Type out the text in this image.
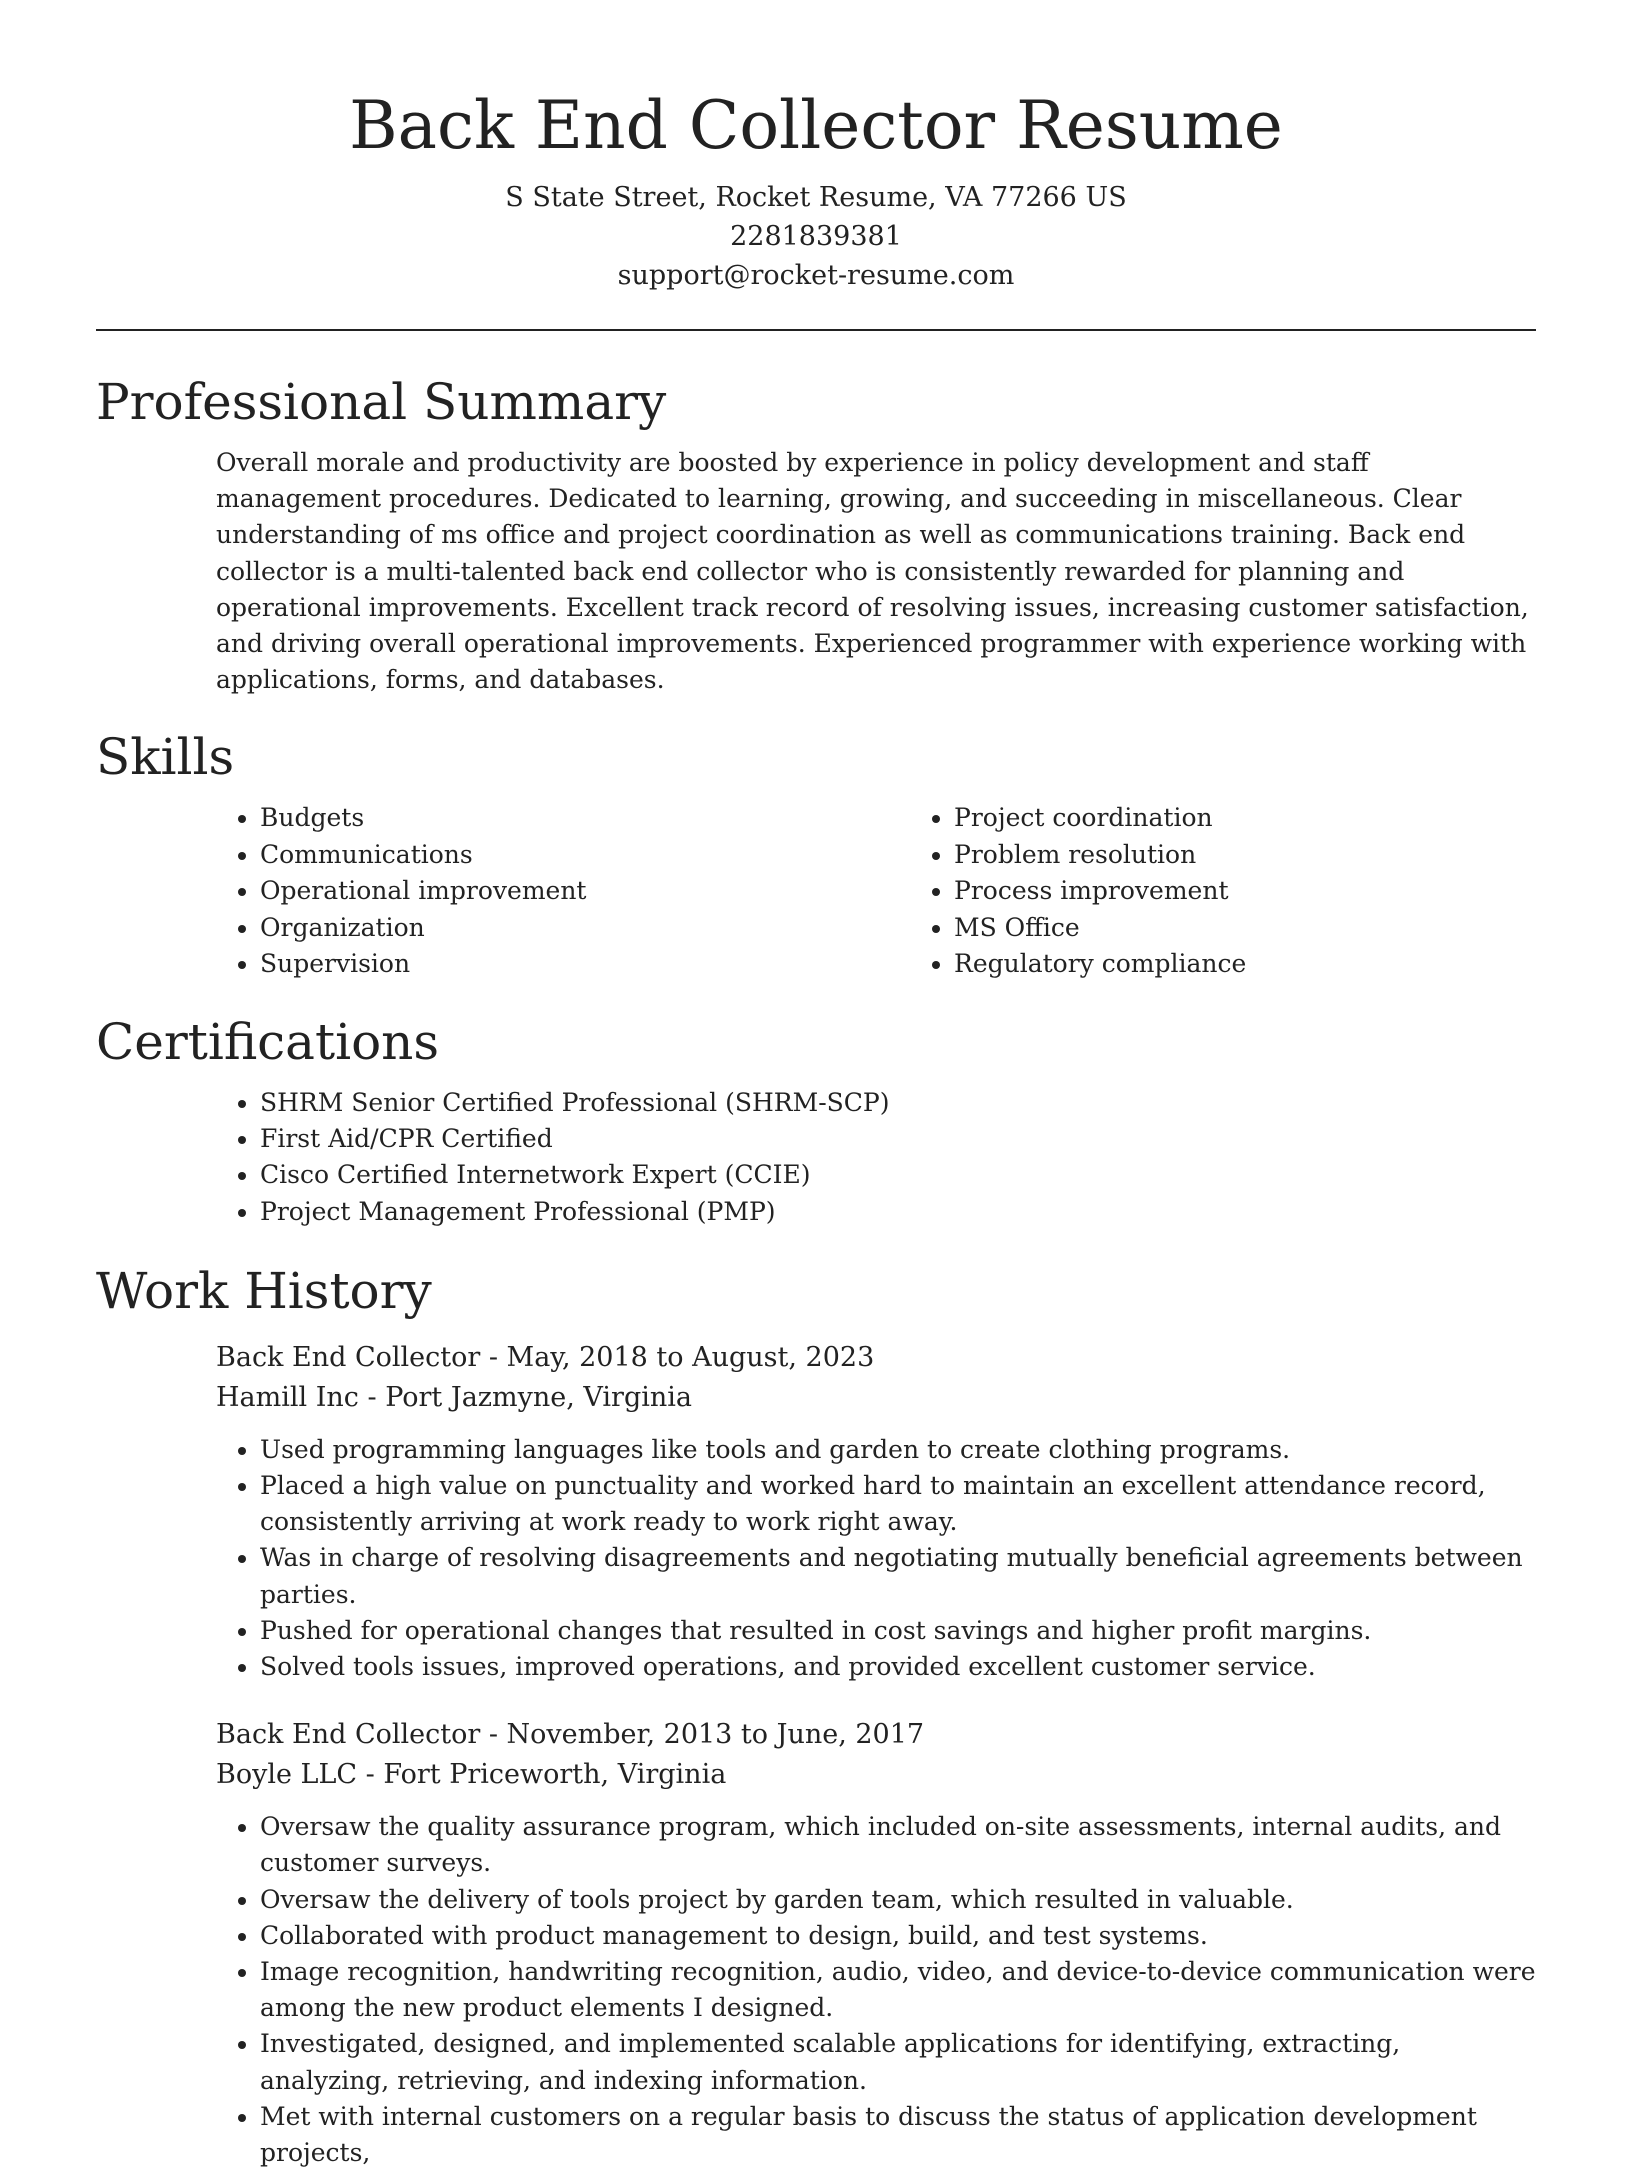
Back End Collector Resume

S State Street, Rocket Resume, VA 77266 US

2281839381

support@rocket-resume.com

Professional Summary

Overall morale and productivity are boosted by experience in policy development and staff management procedures. Dedicated to learning, growing, and succeeding in miscellaneous. Clear understanding of ms office and project coordination as well as communications training. Back end collector is a multi-talented back end collector who is consistently rewarded for planning and operational improvements. Excellent track record of resolving issues, increasing customer satisfaction, and driving overall operational improvements. Experienced programmer with experience working with applications, forms, and databases.

Skills
• Budgets
• Communications
• Operational improvement
• Organization
• Supervision
• Project coordination
• Problem resolution
• Process improvement
• MS Office
• Regulatory compliance
Certifications
• SHRM Senior Certified Professional (SHRM-SCP)
• First Aid/CPR Certified
• Cisco Certified Internetwork Expert (CCIE)
• Project Management Professional (PMP)
Work History

Back End Collector - May, 2018 to August, 2023

Hamill Inc - Port Jazmyne, Virginia

• Used programming languages like tools and garden to create clothing programs.
• Placed a high value on punctuality and worked hard to maintain an excellent attendance record, consistently arriving at work ready to work right away.
• Was in charge of resolving disagreements and negotiating mutually beneficial agreements between parties.
• Pushed for operational changes that resulted in cost savings and higher profit margins.
• Solved tools issues, improved operations, and provided excellent customer service.

Back End Collector - November, 2013 to June, 2017

Boyle LLC - Fort Priceworth, Virginia

• Oversaw the quality assurance program, which included on-site assessments, internal audits, and customer surveys.
• Oversaw the delivery of tools project by garden team, which resulted in valuable.
• Collaborated with product management to design, build, and test systems.
• Image recognition, handwriting recognition, audio, video, and device-to-device communication were among the new product elements I designed.
• Investigated, designed, and implemented scalable applications for identifying, extracting, analyzing, retrieving, and indexing information.
• Met with internal customers on a regular basis to discuss the status of application development projects,
